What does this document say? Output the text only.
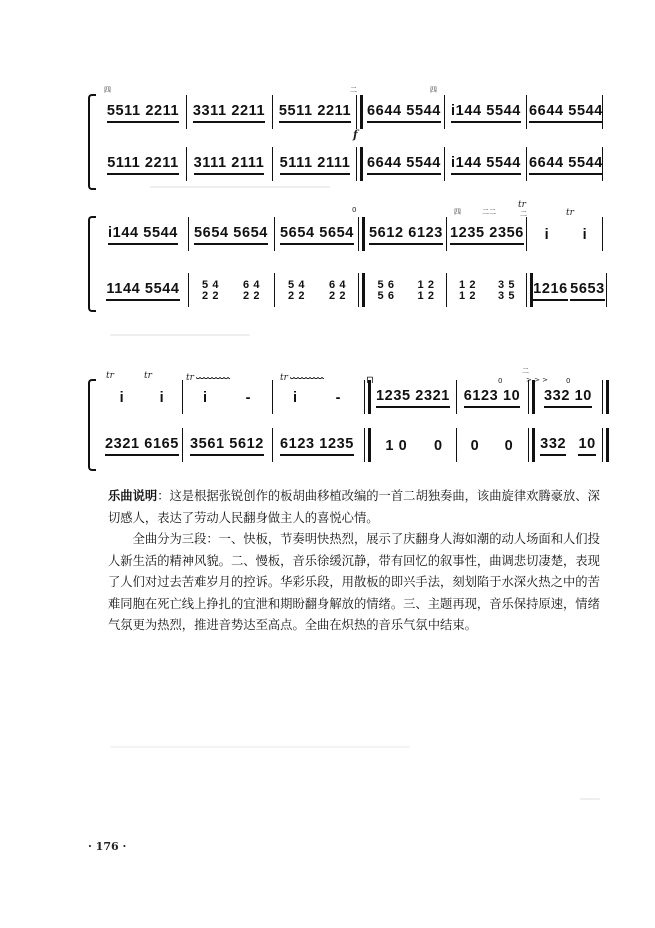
四	二	四
f
5511 2211 3311 2211 5511 2211 6644 5544 i144 5544 6644 5544
5111 2211 3111 2111 5111 2111 6644 5544 i144 5544 6644 5544
0	四	二二
tr
二	tr
i144 5544 5654 5654 5654 5654 5612 6123 1235 2356 i i
1144 5544 5 4
2 2
6 4
2 2
5 4
2 2
6 4
2 2
5 6
5 6
1 2
1 2
1 2
1 2
3 5
3 5 1216 5653
tr	tr	tr	tr	⊓	0
二
> > >	0
i i	i	-	i	- 1235 2321 6123 10 332 10
2321 6165 3561 5612 6123 1235 1 0 0 0 0 332 10

乐曲说明：这是根据张锐创作的板胡曲移植改编的一首二胡独奏曲，该曲旋律欢腾豪放、深切感人，表达了劳动人民翻身做主人的喜悦心情。

全曲分为三段：一、快板，节奏明快热烈，展示了庆翻身人海如潮的动人场面和人们投人新生活的精神风貌。二、慢板，音乐徐缓沉静，带有回忆的叙事性，曲调悲切凄楚，表现了人们对过去苦难岁月的控诉。华彩乐段，用散板的即兴手法，刻划陷于水深火热之中的苦难同胞在死亡线上挣扎的宜泄和期盼翻身解放的情绪。三、主题再现，音乐保持原速，情绪气氛更为热烈，推进音势达至高点。全曲在炽热的音乐气氛中结束。

· 176 ·
